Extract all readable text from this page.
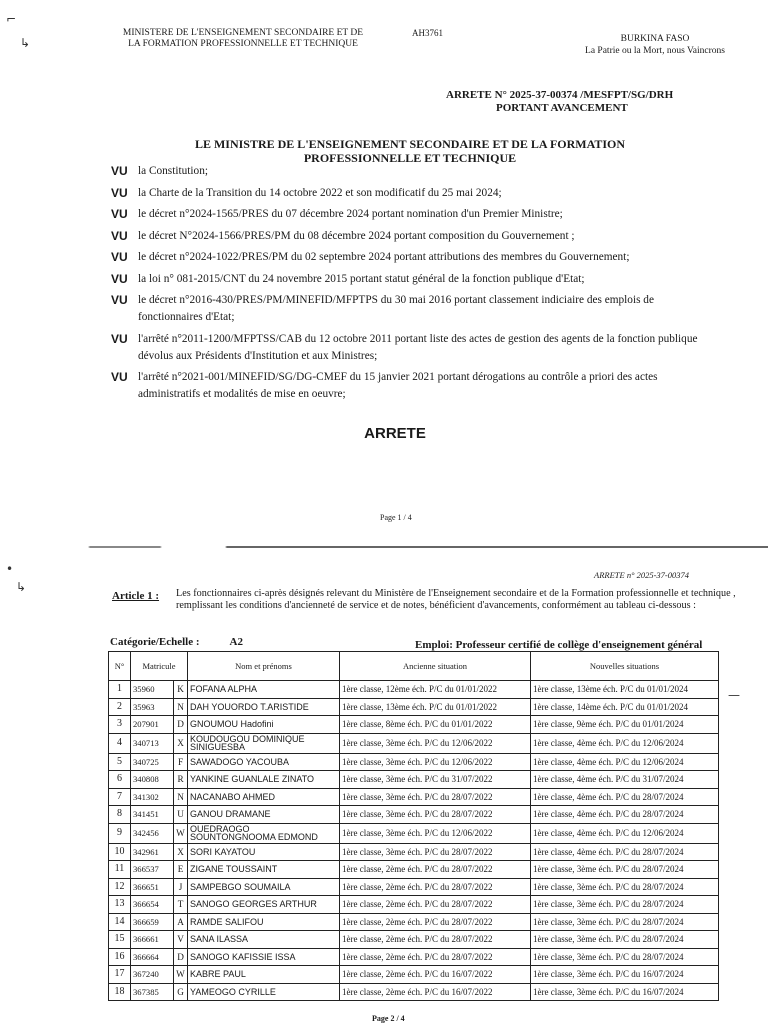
MINISTERE DE L'ENSEIGNEMENT SECONDAIRE ET DE
LA FORMATION PROFESSIONNELLE ET TECHNIQUE
AH3761
BURKINA FASO
La Patrie ou la Mort, nous Vaincrons
⌐
↳
ARRETE N° 2025-37-00374 /MESFPT/SG/DRH
PORTANT AVANCEMENT
LE MINISTRE DE L'ENSEIGNEMENT SECONDAIRE ET DE LA FORMATION
PROFESSIONNELLE ET TECHNIQUE
VU la Constitution;
VU la Charte de la Transition du 14 octobre 2022 et son modificatif du 25 mai 2024;
VU le décret n°2024-1565/PRES du 07 décembre 2024 portant nomination d'un Premier Ministre;
VU le décret N°2024-1566/PRES/PM du 08 décembre 2024 portant composition du Gouvernement ;
VU le décret n°2024-1022/PRES/PM du 02 septembre 2024 portant attributions des membres du Gouvernement;
VU la loi n° 081-2015/CNT du 24 novembre 2015 portant statut général de la fonction publique d'Etat;
VU le décret n°2016-430/PRES/PM/MINEFID/MFPTPS du 30 mai 2016 portant classement indiciaire des emplois de fonctionnaires d'Etat;
VU l'arrêté n°2011-1200/MFPTSS/CAB du 12 octobre 2011 portant liste des actes de gestion des agents de la fonction publique dévolus aux Présidents d'Institution et aux Ministres;
VU l'arrêté n°2021-001/MINEFID/SG/DG-CMEF du 15 janvier 2021 portant dérogations au contrôle a priori des actes administratifs et modalités de mise en oeuvre;
ARRETE
Page 1 / 4
•
↳
ARRETE n° 2025-37-00374
Article 1 : Les fonctionnaires ci-après désignés relevant du Ministère de l'Enseignement secondaire et de la Formation professionnelle et technique , remplissant les conditions d'ancienneté de service et de notes, bénéficient d'avancements, conformément au tableau ci-dessous :
Catégorie/Echelle :	A2	Emploi: Professeur certifié de collège d'enseignement général
N°	Matricule		Nom et prénoms	Ancienne situation	Nouvelles situations
1	35960	K	FOFANA ALPHA	1ère classe, 12ème éch. P/C du 01/01/2022	1ère classe, 13ème éch. P/C du 01/01/2024
2	35963	N	DAH YOUORDO T.ARISTIDE	1ère classe, 13ème éch. P/C du 01/01/2022	1ère classe, 14ème éch. P/C du 01/01/2024
3	207901	D	GNOUMOU Hadofini	1ère classe, 8ème éch. P/C du 01/01/2022	1ère classe, 9ème éch. P/C du 01/01/2024
4	340713	X	KOUDOUGOU DOMINIQUE SINIGUESBA	1ère classe, 3ème éch. P/C du 12/06/2022	1ère classe, 4ème éch. P/C du 12/06/2024
5	340725	F	SAWADOGO YACOUBA	1ère classe, 3ème éch. P/C du 12/06/2022	1ère classe, 4ème éch. P/C du 12/06/2024
6	340808	R	YANKINE GUANLALE ZINATO	1ère classe, 3ème éch. P/C du 31/07/2022	1ère classe, 4ème éch. P/C du 31/07/2024
7	341302	N	NACANABO AHMED	1ère classe, 3ème éch. P/C du 28/07/2022	1ère classe, 4ème éch. P/C du 28/07/2024
8	341451	U	GANOU DRAMANE	1ère classe, 3ème éch. P/C du 28/07/2022	1ère classe, 4ème éch. P/C du 28/07/2024
9	342456	W	OUEDRAOGO SOUNTONGNOOMA EDMOND	1ère classe, 3ème éch. P/C du 12/06/2022	1ère classe, 4ème éch. P/C du 12/06/2024
10	342961	X	SORI KAYATOU	1ère classe, 3ème éch. P/C du 28/07/2022	1ère classe, 4ème éch. P/C du 28/07/2024
11	366537	E	ZIGANE TOUSSAINT	1ère classe, 2ème éch. P/C du 28/07/2022	1ère classe, 3ème éch. P/C du 28/07/2024
12	366651	J	SAMPEBGO SOUMAILA	1ère classe, 2ème éch. P/C du 28/07/2022	1ère classe, 3ème éch. P/C du 28/07/2024
13	366654	T	SANOGO GEORGES ARTHUR	1ère classe, 2ème éch. P/C du 28/07/2022	1ère classe, 3ème éch. P/C du 28/07/2024
14	366659	A	RAMDE SALIFOU	1ère classe, 2ème éch. P/C du 28/07/2022	1ère classe, 3ème éch. P/C du 28/07/2024
15	366661	V	SANA ILASSA	1ère classe, 2ème éch. P/C du 28/07/2022	1ère classe, 3ème éch. P/C du 28/07/2024
16	366664	D	SANOGO KAFISSIE ISSA	1ère classe, 2ème éch. P/C du 28/07/2022	1ère classe, 3ème éch. P/C du 28/07/2024
17	367240	W	KABRE PAUL	1ère classe, 2ème éch. P/C du 16/07/2022	1ère classe, 3ème éch. P/C du 16/07/2024
18	367385	G	YAMEOGO CYRILLE	1ère classe, 2ème éch. P/C du 16/07/2022	1ère classe, 3ème éch. P/C du 16/07/2024
—
Page 2 / 4
